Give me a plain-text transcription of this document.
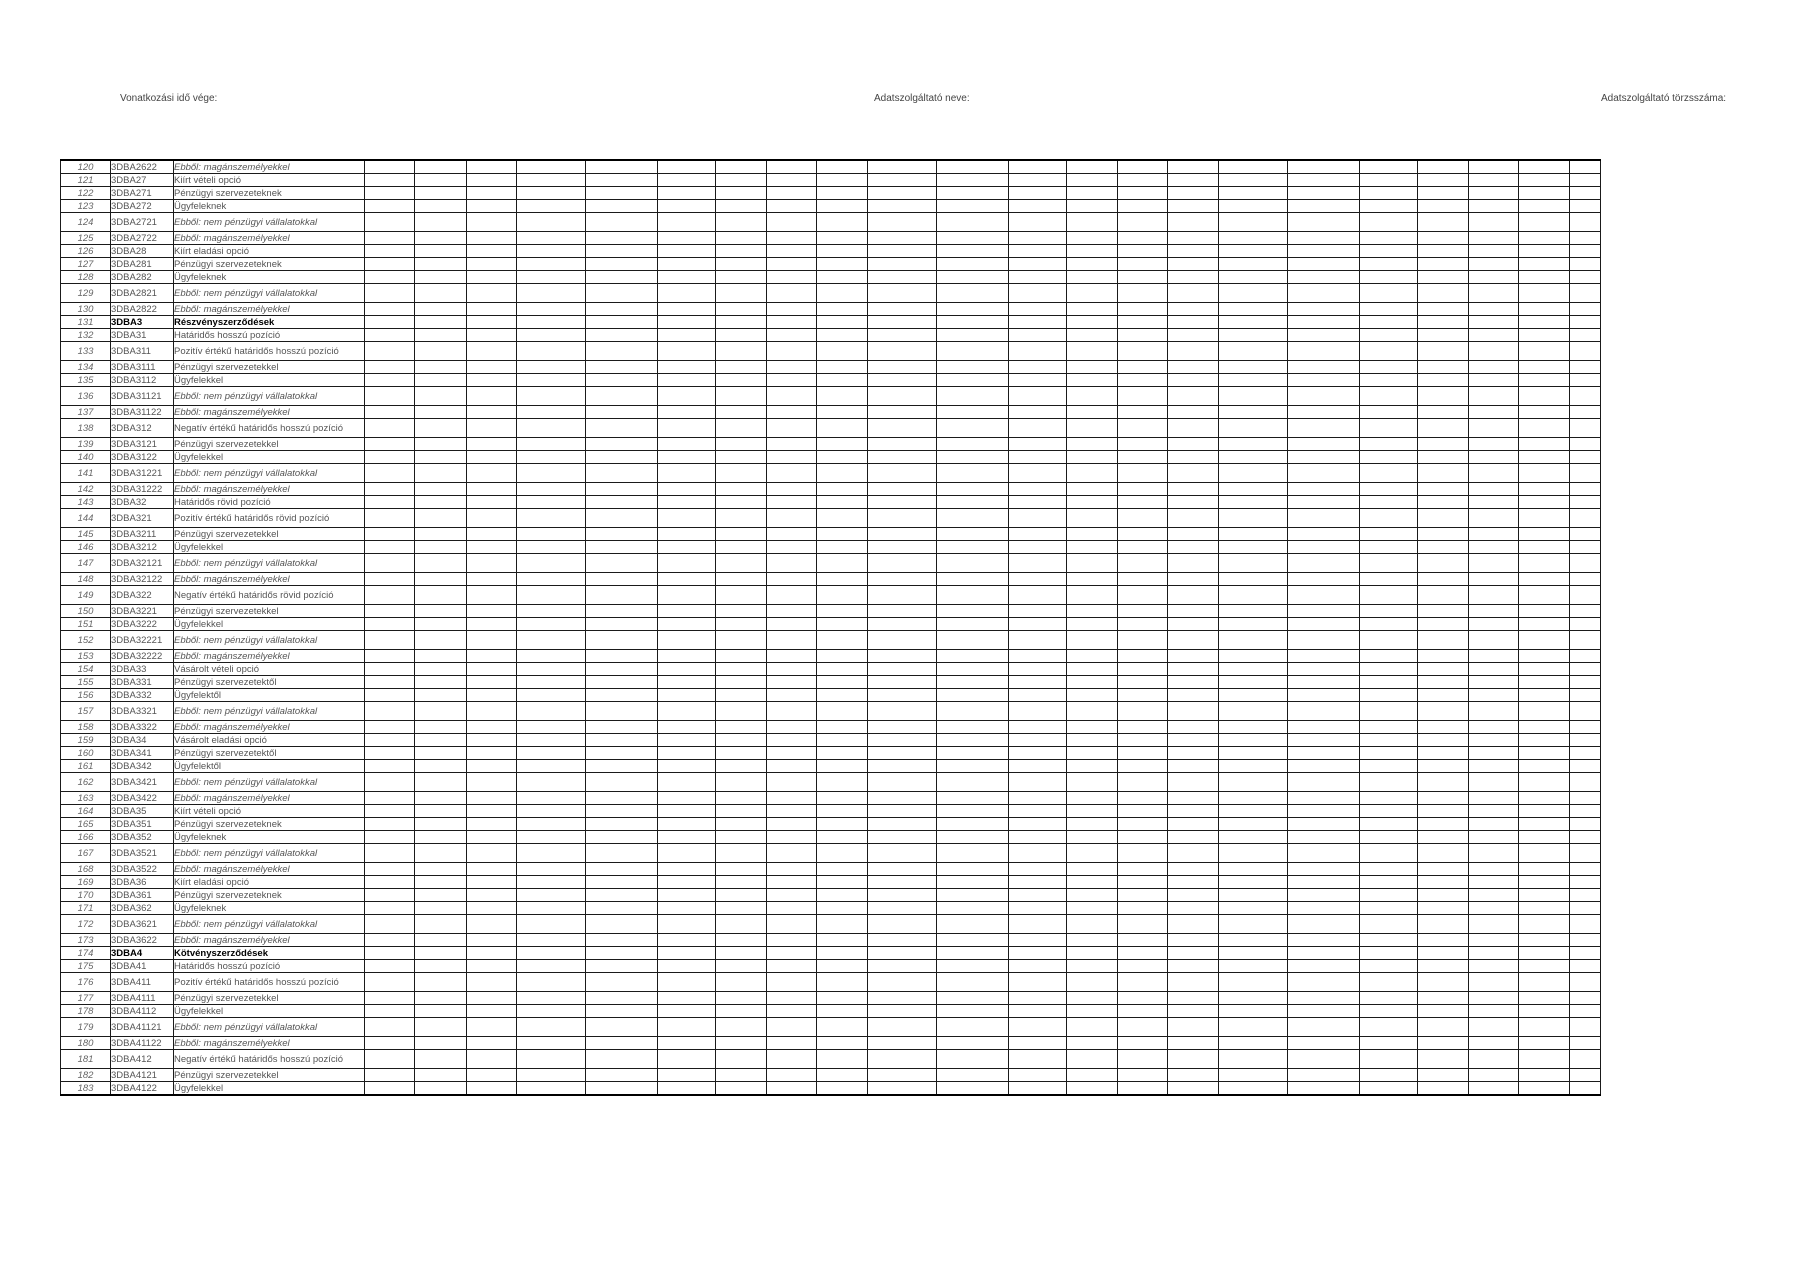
Vonatkozási idő vége:	Adatszolgáltató neve:	Adatszolgáltató törzsszáma:
120	3DBA2622	Ebből: magánszemélyekkel																						
121	3DBA27	Kiírt vételi opció																						
122	3DBA271	Pénzügyi szervezeteknek																						
123	3DBA272	Ügyfeleknek																						
124	3DBA2721	Ebből: nem pénzügyi vállalatokkal																						
125	3DBA2722	Ebből: magánszemélyekkel																						
126	3DBA28	Kiírt eladási opció																						
127	3DBA281	Pénzügyi szervezeteknek																						
128	3DBA282	Ügyfeleknek																						
129	3DBA2821	Ebből: nem pénzügyi vállalatokkal																						
130	3DBA2822	Ebből: magánszemélyekkel																						
131	3DBA3	Részvényszerződések																						
132	3DBA31	Határidős hosszú pozíció																						
133	3DBA311	Pozitív értékű határidős hosszú pozíció																						
134	3DBA3111	Pénzügyi szervezetekkel																						
135	3DBA3112	Ügyfelekkel																						
136	3DBA31121	Ebből: nem pénzügyi vállalatokkal																						
137	3DBA31122	Ebből: magánszemélyekkel																						
138	3DBA312	Negatív értékű határidős hosszú pozíció																						
139	3DBA3121	Pénzügyi szervezetekkel																						
140	3DBA3122	Ügyfelekkel																						
141	3DBA31221	Ebből: nem pénzügyi vállalatokkal																						
142	3DBA31222	Ebből: magánszemélyekkel																						
143	3DBA32	Határidős rövid pozíció																						
144	3DBA321	Pozitív értékű határidős rövid pozíció																						
145	3DBA3211	Pénzügyi szervezetekkel																						
146	3DBA3212	Ügyfelekkel																						
147	3DBA32121	Ebből: nem pénzügyi vállalatokkal																						
148	3DBA32122	Ebből: magánszemélyekkel																						
149	3DBA322	Negatív értékű határidős rövid pozíció																						
150	3DBA3221	Pénzügyi szervezetekkel																						
151	3DBA3222	Ügyfelekkel																						
152	3DBA32221	Ebből: nem pénzügyi vállalatokkal																						
153	3DBA32222	Ebből: magánszemélyekkel																						
154	3DBA33	Vásárolt vételi opció																						
155	3DBA331	Pénzügyi szervezetektől																						
156	3DBA332	Ügyfelektől																						
157	3DBA3321	Ebből: nem pénzügyi vállalatokkal																						
158	3DBA3322	Ebből: magánszemélyekkel																						
159	3DBA34	Vásárolt eladási opció																						
160	3DBA341	Pénzügyi szervezetektől																						
161	3DBA342	Ügyfelektől																						
162	3DBA3421	Ebből: nem pénzügyi vállalatokkal																						
163	3DBA3422	Ebből: magánszemélyekkel																						
164	3DBA35	Kiírt vételi opció																						
165	3DBA351	Pénzügyi szervezeteknek																						
166	3DBA352	Ügyfeleknek																						
167	3DBA3521	Ebből: nem pénzügyi vállalatokkal																						
168	3DBA3522	Ebből: magánszemélyekkel																						
169	3DBA36	Kiírt eladási opció																						
170	3DBA361	Pénzügyi szervezeteknek																						
171	3DBA362	Ügyfeleknek																						
172	3DBA3621	Ebből: nem pénzügyi vállalatokkal																						
173	3DBA3622	Ebből: magánszemélyekkel																						
174	3DBA4	Kötvényszerződések																						
175	3DBA41	Határidős hosszú pozíció																						
176	3DBA411	Pozitív értékű határidős hosszú pozíció																						
177	3DBA4111	Pénzügyi szervezetekkel																						
178	3DBA4112	Ügyfelekkel																						
179	3DBA41121	Ebből: nem pénzügyi vállalatokkal																						
180	3DBA41122	Ebből: magánszemélyekkel																						
181	3DBA412	Negatív értékű határidős hosszú pozíció																						
182	3DBA4121	Pénzügyi szervezetekkel																						
183	3DBA4122	Ügyfelekkel																						
